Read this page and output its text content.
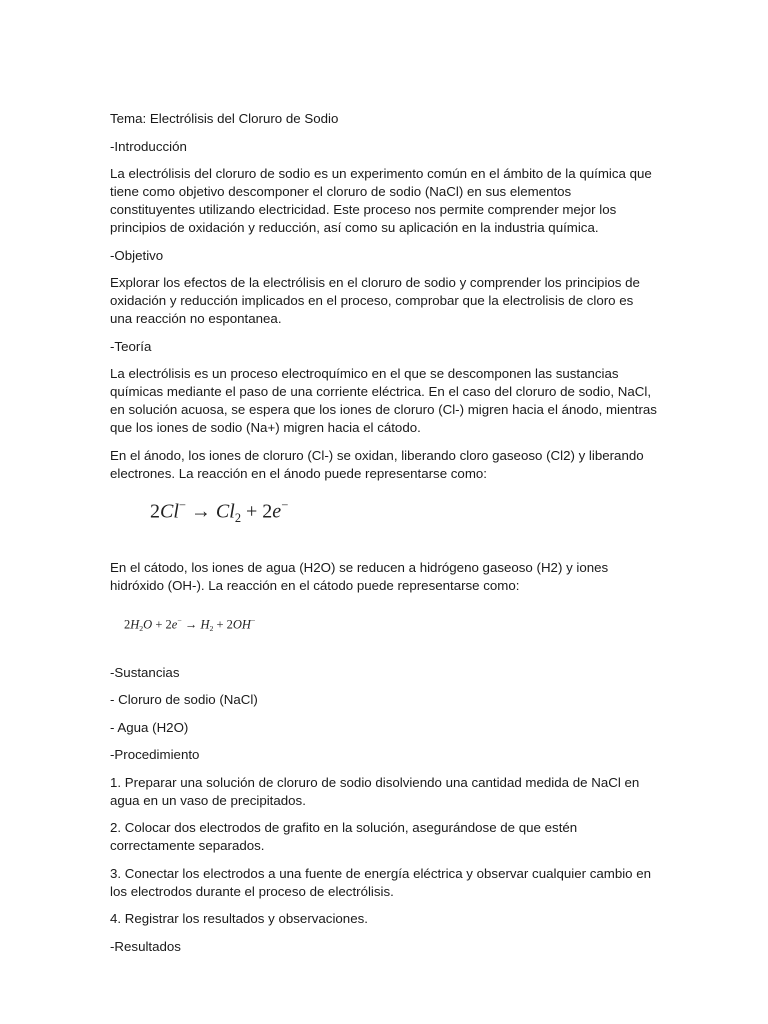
Tema: Electrólisis del Cloruro de Sodio

-Introducción

La electrólisis del cloruro de sodio es un experimento común en el ámbito de la química que tiene como objetivo descomponer el cloruro de sodio (NaCl) en sus elementos constituyentes utilizando electricidad. Este proceso nos permite comprender mejor los principios de oxidación y reducción, así como su aplicación en la industria química.

-Objetivo

Explorar los efectos de la electrólisis en el cloruro de sodio y comprender los principios de oxidación y reducción implicados en el proceso, comprobar que la electrolisis de cloro es una reacción no espontanea.

-Teoría

La electrólisis es un proceso electroquímico en el que se descomponen las sustancias químicas mediante el paso de una corriente eléctrica. En el caso del cloruro de sodio, NaCl, en solución acuosa, se espera que los iones de cloruro (Cl-) migren hacia el ánodo, mientras que los iones de sodio (Na+) migren hacia el cátodo.

En el ánodo, los iones de cloruro (Cl-) se oxidan, liberando cloro gaseoso (Cl2) y liberando electrones. La reacción en el ánodo puede representarse como:

$2Cl^- \to Cl_2 + 2e^-$

En el cátodo, los iones de agua (H2O) se reducen a hidrógeno gaseoso (H2) y iones hidróxido (OH-). La reacción en el cátodo puede representarse como:

$2H_2O + 2e^- \to H_2 + 2OH^-$

-Sustancias

- Cloruro de sodio (NaCl)

- Agua (H2O)

-Procedimiento

1. Preparar una solución de cloruro de sodio disolviendo una cantidad medida de NaCl en agua en un vaso de precipitados.

2. Colocar dos electrodos de grafito en la solución, asegurándose de que estén correctamente separados.

3. Conectar los electrodos a una fuente de energía eléctrica y observar cualquier cambio en los electrodos durante el proceso de electrólisis.

4. Registrar los resultados y observaciones.

-Resultados
